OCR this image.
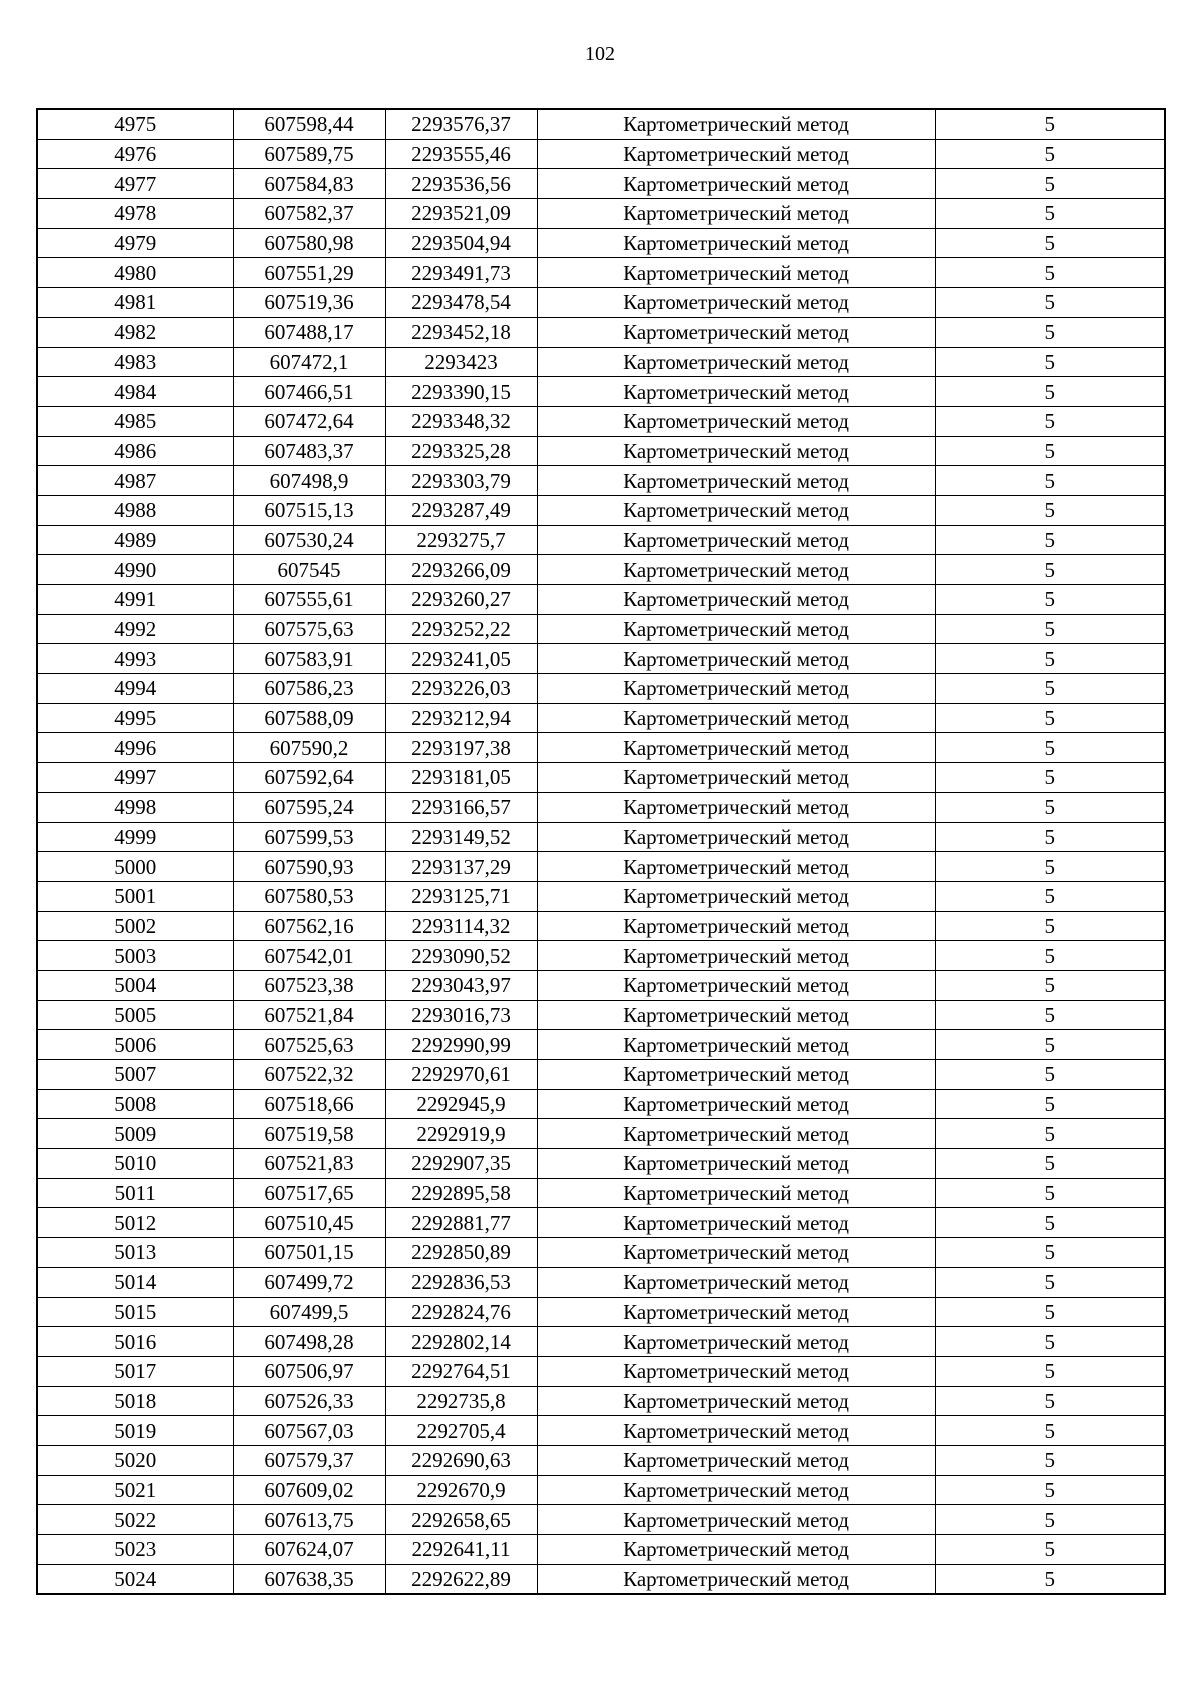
102
4975	607598,44	2293576,37	Картометрический метод	5
4976	607589,75	2293555,46	Картометрический метод	5
4977	607584,83	2293536,56	Картометрический метод	5
4978	607582,37	2293521,09	Картометрический метод	5
4979	607580,98	2293504,94	Картометрический метод	5
4980	607551,29	2293491,73	Картометрический метод	5
4981	607519,36	2293478,54	Картометрический метод	5
4982	607488,17	2293452,18	Картометрический метод	5
4983	607472,1	2293423	Картометрический метод	5
4984	607466,51	2293390,15	Картометрический метод	5
4985	607472,64	2293348,32	Картометрический метод	5
4986	607483,37	2293325,28	Картометрический метод	5
4987	607498,9	2293303,79	Картометрический метод	5
4988	607515,13	2293287,49	Картометрический метод	5
4989	607530,24	2293275,7	Картометрический метод	5
4990	607545	2293266,09	Картометрический метод	5
4991	607555,61	2293260,27	Картометрический метод	5
4992	607575,63	2293252,22	Картометрический метод	5
4993	607583,91	2293241,05	Картометрический метод	5
4994	607586,23	2293226,03	Картометрический метод	5
4995	607588,09	2293212,94	Картометрический метод	5
4996	607590,2	2293197,38	Картометрический метод	5
4997	607592,64	2293181,05	Картометрический метод	5
4998	607595,24	2293166,57	Картометрический метод	5
4999	607599,53	2293149,52	Картометрический метод	5
5000	607590,93	2293137,29	Картометрический метод	5
5001	607580,53	2293125,71	Картометрический метод	5
5002	607562,16	2293114,32	Картометрический метод	5
5003	607542,01	2293090,52	Картометрический метод	5
5004	607523,38	2293043,97	Картометрический метод	5
5005	607521,84	2293016,73	Картометрический метод	5
5006	607525,63	2292990,99	Картометрический метод	5
5007	607522,32	2292970,61	Картометрический метод	5
5008	607518,66	2292945,9	Картометрический метод	5
5009	607519,58	2292919,9	Картометрический метод	5
5010	607521,83	2292907,35	Картометрический метод	5
5011	607517,65	2292895,58	Картометрический метод	5
5012	607510,45	2292881,77	Картометрический метод	5
5013	607501,15	2292850,89	Картометрический метод	5
5014	607499,72	2292836,53	Картометрический метод	5
5015	607499,5	2292824,76	Картометрический метод	5
5016	607498,28	2292802,14	Картометрический метод	5
5017	607506,97	2292764,51	Картометрический метод	5
5018	607526,33	2292735,8	Картометрический метод	5
5019	607567,03	2292705,4	Картометрический метод	5
5020	607579,37	2292690,63	Картометрический метод	5
5021	607609,02	2292670,9	Картометрический метод	5
5022	607613,75	2292658,65	Картометрический метод	5
5023	607624,07	2292641,11	Картометрический метод	5
5024	607638,35	2292622,89	Картометрический метод	5
